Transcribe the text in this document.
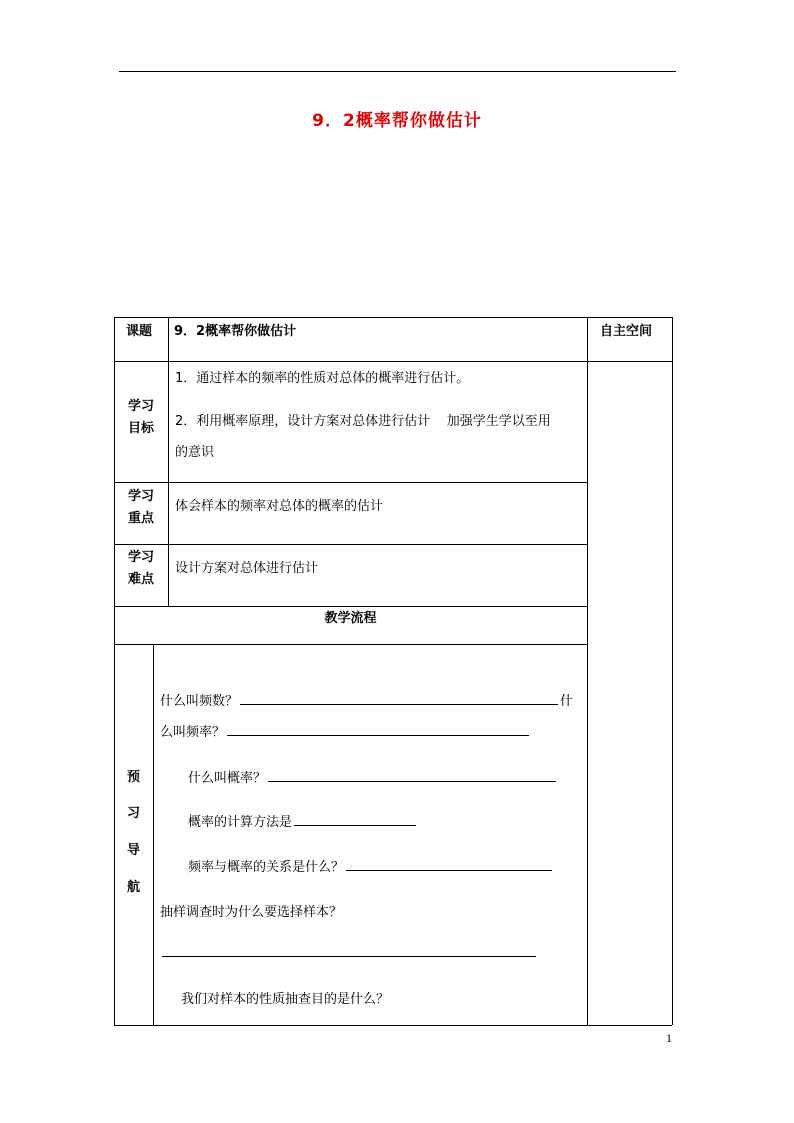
9．2概率帮你做估计
课题 9．2概率帮你做估计	自主空间
学习
目标
1．通过样本的频率的性质对总体的概率进行估计。
2．利用概率原理，设计方案对总体进行估计    加强学生学以至用
的意识
学习
重点
体会样本的频率对总体的概率的估计
学习
难点
设计方案对总体进行估计
教学流程
预
习
导
航
什么叫频数？	什
么叫频率？
什么叫概率？
概率的计算方法是
频率与概率的关系是什么？
抽样调查时为什么要选择样本？
我们对样本的性质抽查目的是什么？
1
